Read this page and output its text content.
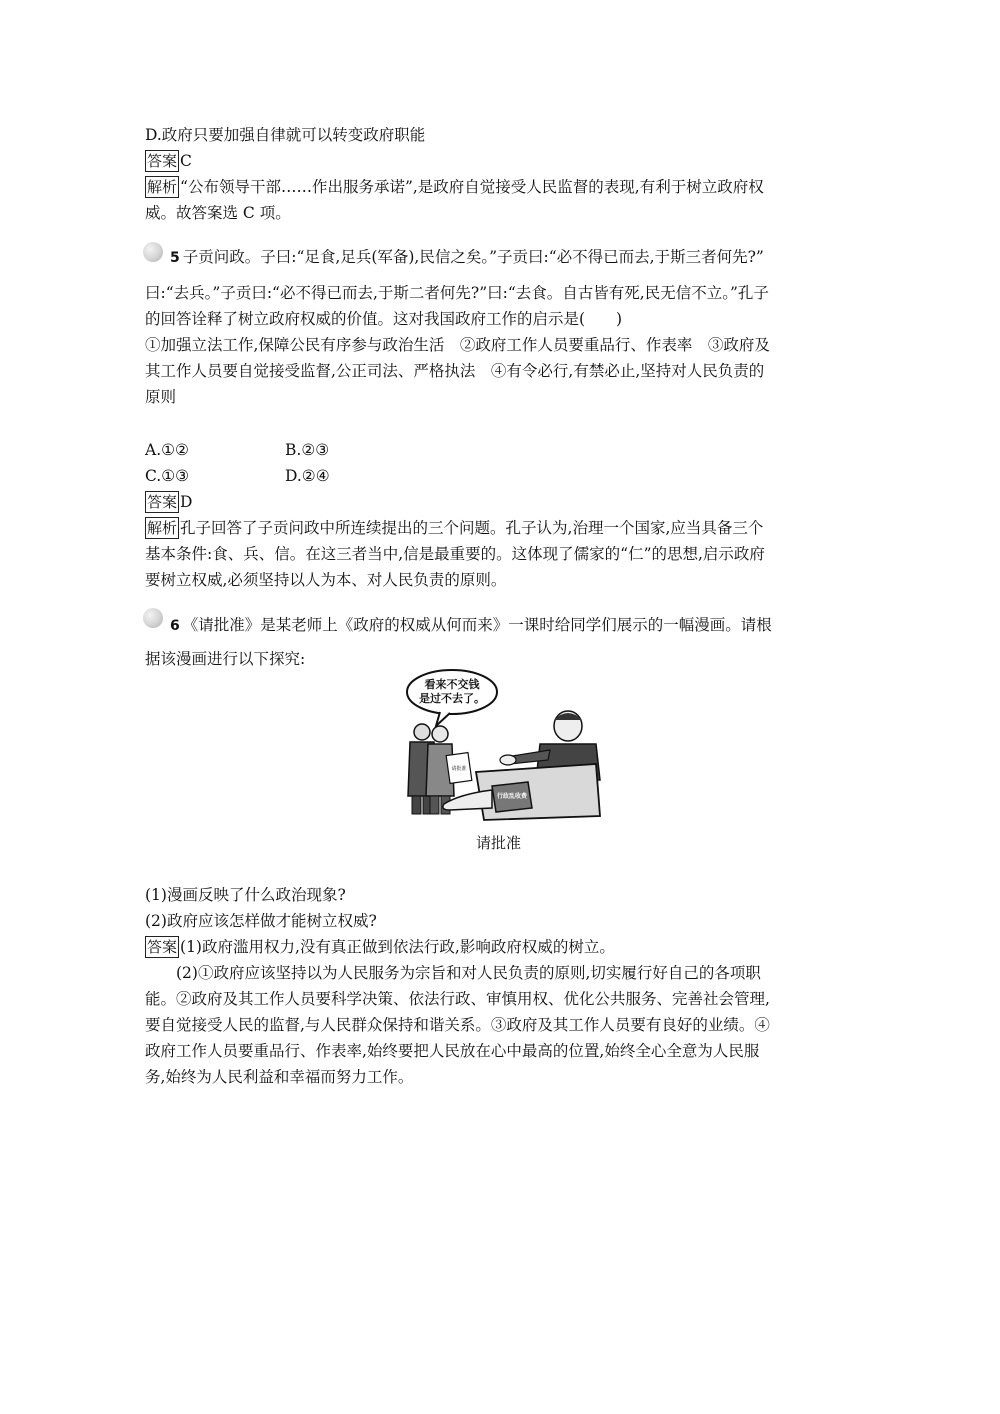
D.政府只要加强自律就可以转变政府职能
答案 C
解析 “公布领导干部……作出服务承诺”,是政府自觉接受人民监督的表现,有利于树立政府权
威。故答案选 C 项。
5 子贡问政。子曰:“足食,足兵(军备),民信之矣。”子贡曰:“必不得已而去,于斯三者何先?”
曰:“去兵。”子贡曰:“必不得已而去,于斯二者何先?”曰:“去食。自古皆有死,民无信不立。”孔子
的回答诠释了树立政府权威的价值。这对我国政府工作的启示是(　　)
①加强立法工作,保障公民有序参与政治生活　②政府工作人员要重品行、作表率　③政府及
其工作人员要自觉接受监督,公正司法、严格执法　④有令必行,有禁必止,坚持对人民负责的
原则
A.①②	B.②③
C.①③	D.②④
答案 D
解析 孔子回答了子贡问政中所连续提出的三个问题。孔子认为,治理一个国家,应当具备三个
基本条件:食、兵、信。在这三者当中,信是最重要的。这体现了儒家的“仁”的思想,启示政府
要树立权威,必须坚持以人为本、对人民负责的原则。
6 《请批准》是某老师上《政府的权威从何而来》一课时给同学们展示的一幅漫画。请根
据该漫画进行以下探究:
看来不交钱
是过不去了。
请批准
行政乱收费
请批准
(1)漫画反映了什么政治现象?
(2)政府应该怎样做才能树立权威?
答案 (1)政府滥用权力,没有真正做到依法行政,影响政府权威的树立。
(2)①政府应该坚持以为人民服务为宗旨和对人民负责的原则,切实履行好自己的各项职
能。②政府及其工作人员要科学决策、依法行政、审慎用权、优化公共服务、完善社会管理,
要自觉接受人民的监督,与人民群众保持和谐关系。③政府及其工作人员要有良好的业绩。④
政府工作人员要重品行、作表率,始终要把人民放在心中最高的位置,始终全心全意为人民服
务,始终为人民利益和幸福而努力工作。
